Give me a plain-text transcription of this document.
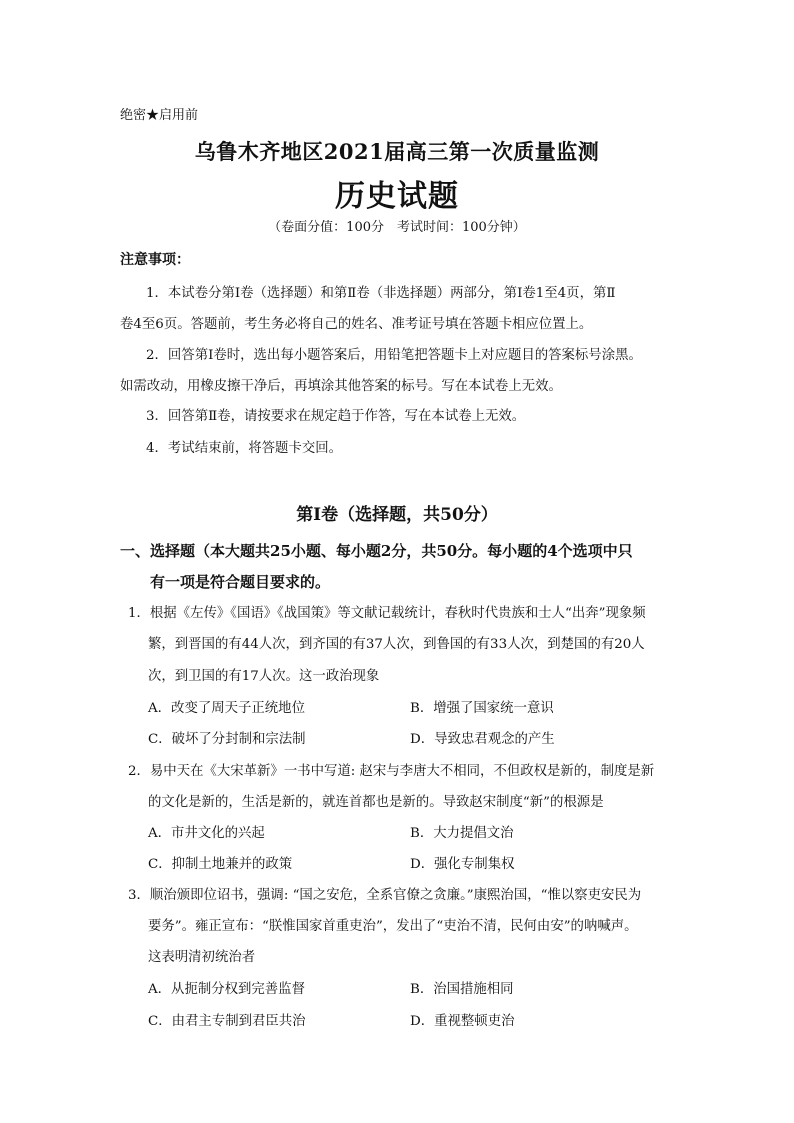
绝密★启用前
乌鲁木齐地区2021届高三第一次质量监测
历史试题
（卷面分值：100分　考试时间：100分钟）
注意事项：
1．本试卷分第Ⅰ卷（选择题）和第Ⅱ卷（非选择题）两部分，第Ⅰ卷1至4页，第Ⅱ
卷4至6页。答题前，考生务必将自己的姓名、准考证号填在答题卡相应位置上。
2．回答第Ⅰ卷时，选出每小题答案后，用铅笔把答题卡上对应题目的答案标号涂黑。
如需改动，用橡皮擦干净后，再填涂其他答案的标号。写在本试卷上无效。
3．回答第Ⅱ卷，请按要求在规定趋于作答，写在本试卷上无效。
4．考试结束前，将答题卡交回。
第Ⅰ卷（选择题，共50分）
一、选择题（本大题共25小题、每小题2分，共50分。每小题的4个选项中只
有一项是符合题目要求的。
1．根据《左传》《国语》《战国策》等文献记载统计，春秋时代贵族和士人“出奔”现象频
繁，到晋国的有44人次，到齐国的有37人次，到鲁国的有33人次，到楚国的有20人
次，到卫国的有17人次。这一政治现象
A．改变了周天子正统地位	B．增强了国家统一意识
C．破坏了分封制和宗法制	D．导致忠君观念的产生
2．易中天在《大宋革新》一书中写道: 赵宋与李唐大不相同，不但政权是新的，制度是新
的文化是新的，生活是新的，就连首都也是新的。导致赵宋制度“新”的根源是
A．市井文化的兴起	B．大力提倡文治
C．抑制土地兼并的政策	D．强化专制集权
3．顺治颁即位诏书，强调: “国之安危，全系官僚之贪廉。”康熙治国，“惟以察吏安民为
要务”。雍正宣布：“朕惟国家首重吏治”，发出了“吏治不清，民何由安”的呐喊声。
这表明清初统治者
A．从扼制分权到完善监督	B．治国措施相同
C．由君主专制到君臣共治	D．重视整顿吏治
